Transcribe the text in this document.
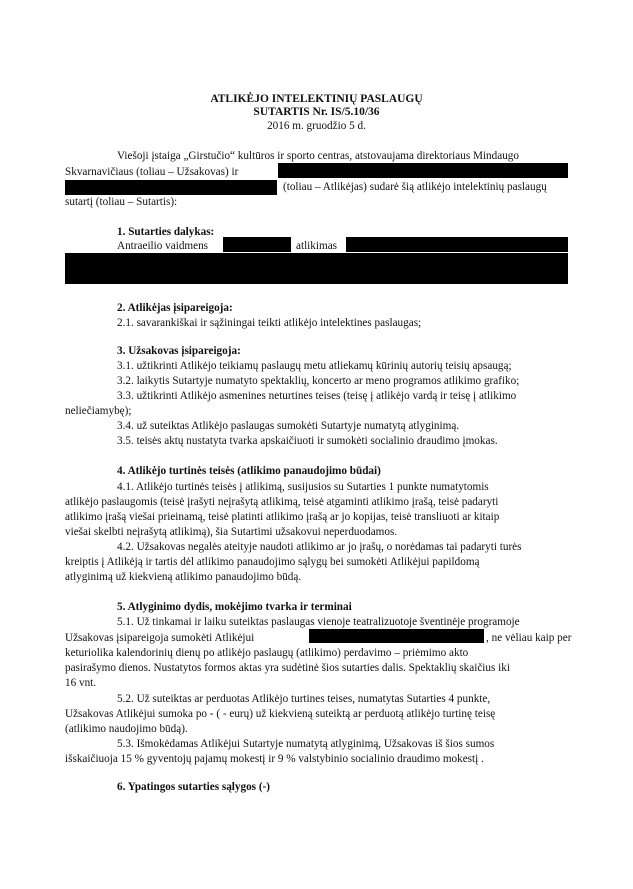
ATLIKĖJO INTELEKTINIŲ PASLAUGŲ
SUTARTIS Nr. IS/5.10/36
2016 m. gruodžio 5 d.
Viešoji įstaiga „Girstučio“ kultūros ir sporto centras, atstovaujama direktoriaus Mindaugo
Skvarnavičiaus (toliau – Užsakovas) ir
(toliau – Atlikėjas) sudarė šią atlikėjo intelektinių paslaugų
sutartį (toliau – Sutartis):
1. Sutarties dalykas:
Antraeilio vaidmens	atlikimas
2. Atlikėjas įsipareigoja:
2.1. savarankiškai ir sąžiningai teikti atlikėjo intelektines paslaugas;
3. Užsakovas įsipareigoja:
3.1. užtikrinti Atlikėjo teikiamų paslaugų metu atliekamų kūrinių autorių teisių apsaugą;
3.2. laikytis Sutartyje numatyto spektaklių, koncerto ar meno programos atlikimo grafiko;
3.3. užtikrinti Atlikėjo asmenines neturtines teises (teisę į atlikėjo vardą ir teisę į atlikimo
neliečiamybę);
3.4. už suteiktas Atlikėjo paslaugas sumokėti Sutartyje numatytą atlyginimą.
3.5. teisės aktų nustatyta tvarka apskaičiuoti ir sumokėti socialinio draudimo įmokas.
4. Atlikėjo turtinės teisės (atlikimo panaudojimo būdai)
4.1. Atlikėjo turtinės teisės į atlikimą, susijusios su Sutarties 1 punkte numatytomis
atlikėjo paslaugomis (teisė įrašyti neįrašytą atlikimą, teisė atgaminti atlikimo įrašą, teisė padaryti
atlikimo įrašą viešai prieinamą, teisė platinti atlikimo įrašą ar jo kopijas, teisė transliuoti ar kitaip
viešai skelbti neįrašytą atlikimą), šia Sutartimi užsakovui neperduodamos.
4.2. Užsakovas negalės ateityje naudoti atlikimo ar jo įrašų, o norėdamas tai padaryti turės
kreiptis į Atlikėją ir tartis dėl atlikimo panaudojimo sąlygų bei sumokėti Atlikėjui papildomą
atlyginimą už kiekvieną atlikimo panaudojimo būdą.
5. Atlyginimo dydis, mokėjimo tvarka ir terminai
5.1. Už tinkamai ir laiku suteiktas paslaugas vienoje teatralizuotoje šventinėje programoje
Užsakovas įsipareigoja sumokėti Atlikėjui	, ne vėliau kaip per
keturiolika kalendorinių dienų po atlikėjo paslaugų (atlikimo) perdavimo – priėmimo akto
pasirašymo dienos. Nustatytos formos aktas yra sudėtinė šios sutarties dalis. Spektaklių skaičius iki
16 vnt.
5.2. Už suteiktas ar perduotas Atlikėjo turtines teises, numatytas Sutarties 4 punkte,
Užsakovas Atlikėjui sumoka po - ( - eurų) už kiekvieną suteiktą ar perduotą atlikėjo turtinę teisę
(atlikimo naudojimo būdą).
5.3. Išmokėdamas Atlikėjui Sutartyje numatytą atlyginimą, Užsakovas iš šios sumos
išskaičiuoja 15 % gyventojų pajamų mokestį ir 9 % valstybinio socialinio draudimo mokestį .
6. Ypatingos sutarties sąlygos (-)
